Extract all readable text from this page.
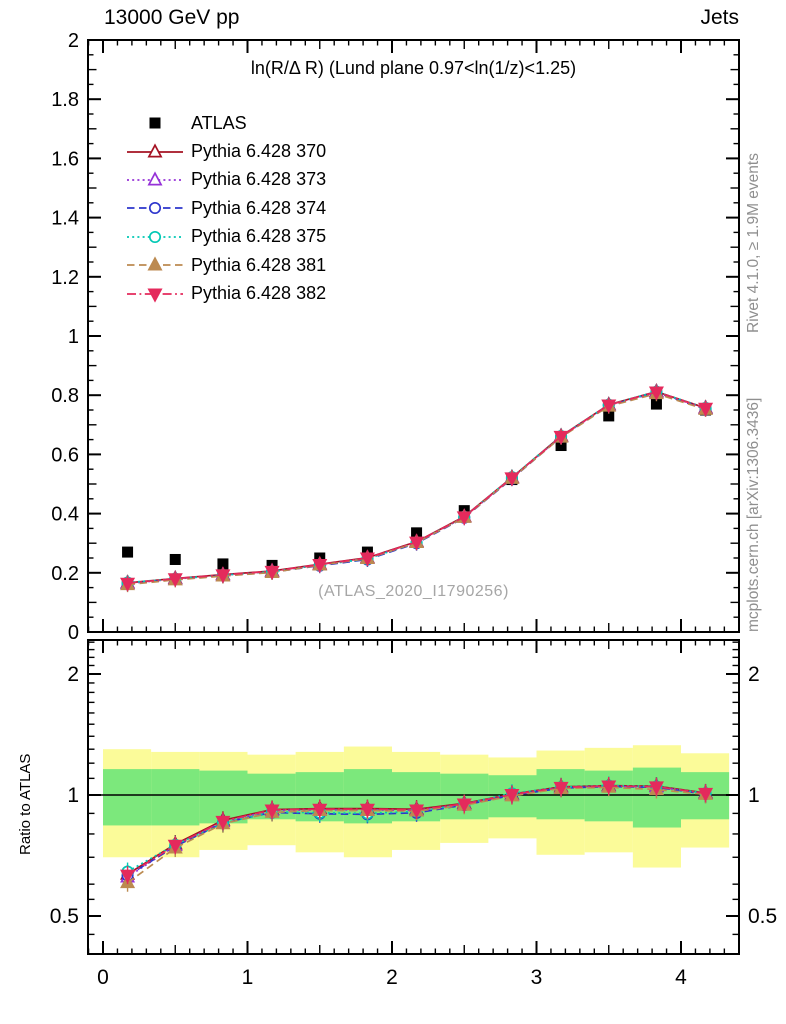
0
0.2
0.4
0.6
0.8
1
1.2
1.4
1.6
1.8
2
0	1	2	3	4
0.5	0.5
1	1
2	2
13000 GeV pp	Jets
ln(R/Δ R) (Lund plane 0.97<ln(1/z)<1.25)
(ATLAS_2020_I1790256)
Rivet 4.1.0, ≥ 1.9M events
mcplots.cern.ch [arXiv:1306.3436]
Ratio to ATLAS
ATLAS
Pythia 6.428 370
Pythia 6.428 373
Pythia 6.428 374
Pythia 6.428 375
Pythia 6.428 381
Pythia 6.428 382
